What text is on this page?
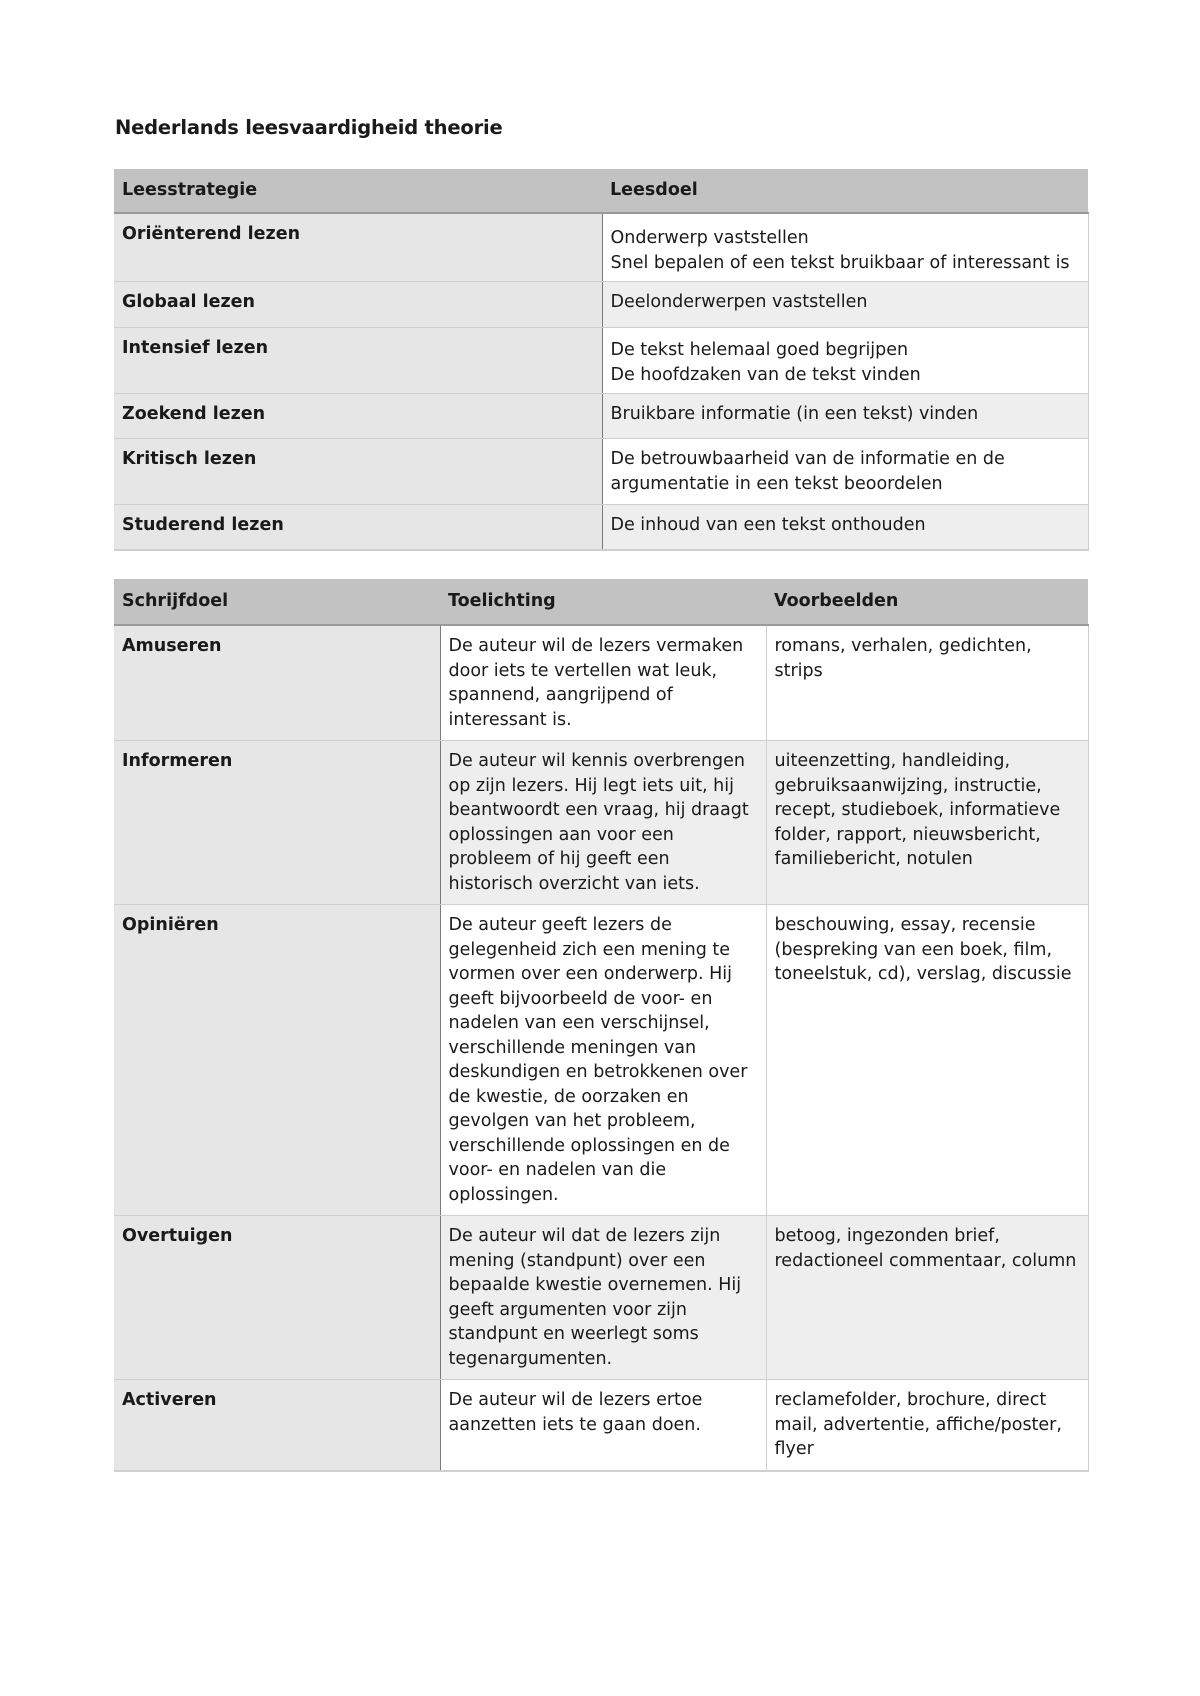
Nederlands leesvaardigheid theorie
Leesstrategie	Leesdoel
Oriënterend lezen	Onderwerp vaststellen
Snel bepalen of een tekst bruikbaar of interessant is

Globaal lezen	Deelonderwerpen vaststellen

Intensief lezen	De tekst helemaal goed begrijpen
De hoofdzaken van de tekst vinden

Zoekend lezen	Bruikbare informatie (in een tekst) vinden

Kritisch lezen	De betrouwbaarheid van de informatie en de argumentatie in een tekst beoordelen

Studerend lezen	De inhoud van een tekst onthouden
Schrijfdoel	Toelichting	Voorbeelden
Amuseren	De auteur wil de lezers vermaken door iets te vertellen wat leuk, spannend, aangrijpend of interessant is.	romans, verhalen, gedichten, strips
Informeren	De auteur wil kennis overbrengen op zijn lezers. Hij legt iets uit, hij beantwoordt een vraag, hij draagt oplossingen aan voor een probleem of hij geeft een historisch overzicht van iets.	uiteenzetting, handleiding, gebruiksaanwijzing, instructie, recept, studieboek, informatieve folder, rapport, nieuwsbericht, familiebericht, notulen
Opiniëren	De auteur geeft lezers de gelegenheid zich een mening te vormen over een onderwerp. Hij geeft bijvoorbeeld de voor- en nadelen van een verschijnsel, verschillende meningen van deskundigen en betrokkenen over de kwestie, de oorzaken en gevolgen van het probleem, verschillende oplossingen en de voor- en nadelen van die oplossingen.	beschouwing, essay, recensie (bespreking van een boek, film, toneelstuk, cd), verslag, discussie
Overtuigen	De auteur wil dat de lezers zijn mening (standpunt) over een bepaalde kwestie overnemen. Hij geeft argumenten voor zijn standpunt en weerlegt soms tegenargumenten.	betoog, ingezonden brief, redactioneel commentaar, column
Activeren	De auteur wil de lezers ertoe aanzetten iets te gaan doen.	reclamefolder, brochure, direct mail, advertentie, affiche/poster, flyer
